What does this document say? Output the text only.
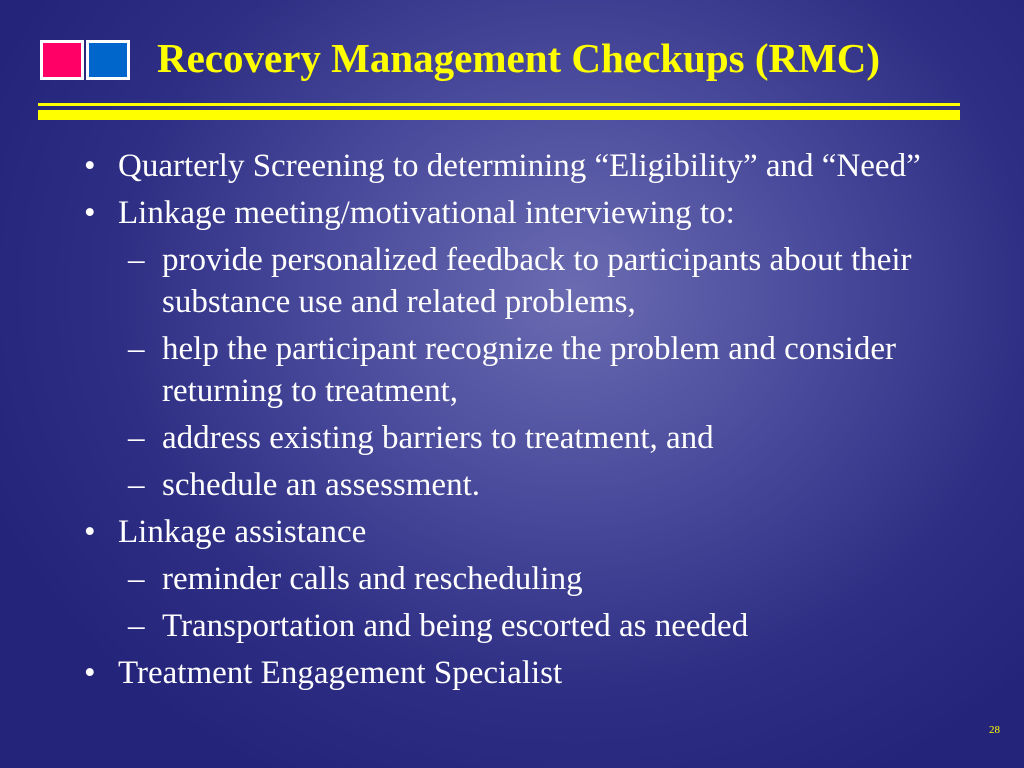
Recovery Management Checkups (RMC)
• Quarterly Screening to determining “Eligibility” and “Need”
• Linkage meeting/motivational interviewing to:
– provide personalized feedback to participants about their substance use and related problems,
– help the participant recognize the problem and consider returning to treatment,
– address existing barriers to treatment, and
– schedule an assessment.
• Linkage assistance
– reminder calls and rescheduling
– Transportation and being escorted as needed
• Treatment Engagement Specialist
28
